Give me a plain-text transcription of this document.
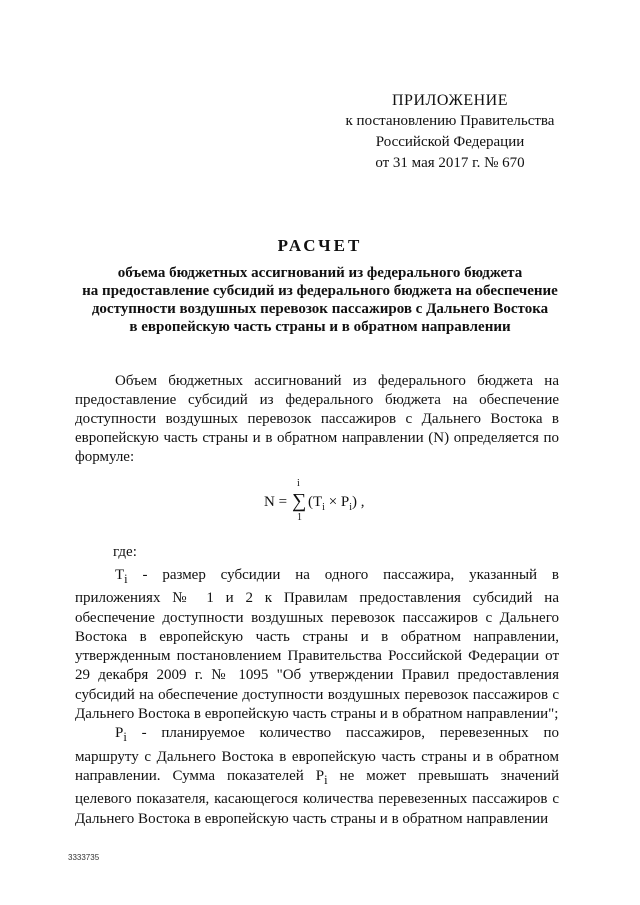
ПРИЛОЖЕНИЕ
к постановлению Правительства
Российской Федерации
от 31 мая 2017 г. № 670
РАСЧЕТ
объема бюджетных ассигнований из федерального бюджета
на предоставление субсидий из федерального бюджета на обеспечение
доступности воздушных перевозок пассажиров с Дальнего Востока
в европейскую часть страны и в обратном направлении
Объем бюджетных ассигнований из федерального бюджета на предоставление субсидий из федерального бюджета на обеспечение доступности воздушных перевозок пассажиров с Дальнего Востока в европейскую часть страны и в обратном направлении (N) определяется по формуле:
N =
i
∑
1
$(T_i \times P_i)$ ,
где:

$T_i$ - размер субсидии на одного пассажира, указанный в приложениях № 1 и 2 к Правилам предоставления субсидий на обеспечение доступности воздушных перевозок пассажиров с Дальнего Востока в европейскую часть страны и в обратном направлении, утвержденным постановлением Правительства Российской Федерации от 29 декабря 2009 г. № 1095 "Об утверждении Правил предоставления субсидий на обеспечение доступности воздушных перевозок пассажиров с Дальнего Востока в европейскую часть страны и в обратном направлении";

$P_i$ - планируемое количество пассажиров, перевезенных по маршруту с Дальнего Востока в европейскую часть страны и в обратном направлении. Сумма показателей $P_i$ не может превышать значений целевого показателя, касающегося количества перевезенных пассажиров с Дальнего Востока в европейскую часть страны и в обратном направлении

3333735
